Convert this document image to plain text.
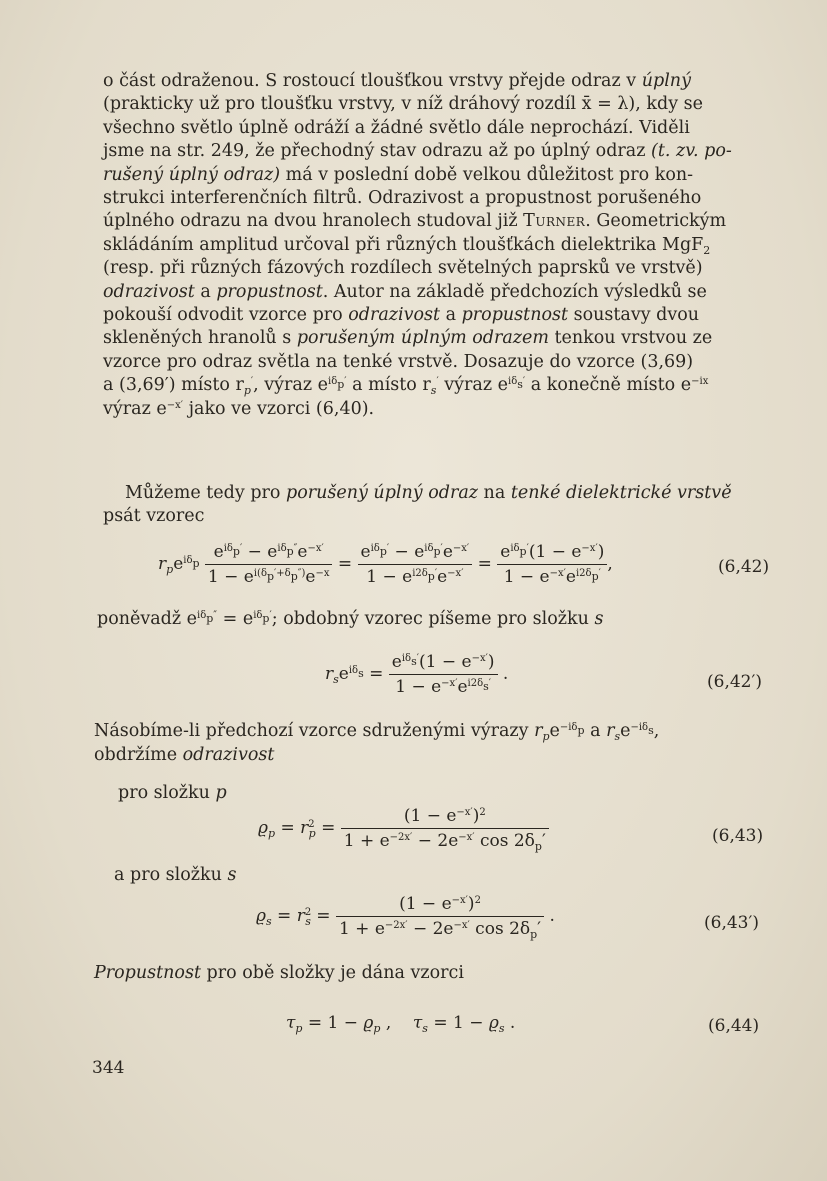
o část odraženou. S rostoucí tloušťkou vrstvy přejde odraz v úplný

(prakticky už pro tloušťku vrstvy, v níž dráhový rozdíl x̄ = λ), kdy se

všechno světlo úplně odráží a žádné světlo dále neprochází. Viděli

jsme na str. 249, že přechodný stav odrazu až po úplný odraz (t. zv. po-

rušený úplný odraz) má v poslední době velkou důležitost pro kon-

strukci interferenčních filtrů. Odrazivost a propustnost porušeného

úplného odrazu na dvou hranolech studoval již Turner. Geometrickým

skládáním amplitud určoval při různých tloušťkách dielektrika MgF$_2$

(resp. při různých fázových rozdílech světelných paprsků ve vrstvě)

odrazivost a propustnost. Autor na základě předchozích výsledků se

pokouší odvodit vzorce pro odrazivost a propustnost soustavy dvou

skleněných hranolů s porušeným úplným odrazem tenkou vrstvou ze

vzorce pro odraz světla na tenké vrstvě. Dosazuje do vzorce (3,69)

a (3,69′) místo $r_p'$, výraz $e^{i\delta_p'}$ a místo $r_s'$ výraz $e^{i\delta_s'}$ a konečně místo $e^{-ix}$

výraz $e^{-x'}$ jako ve vzorci (6,40).

Můžeme tedy pro porušený úplný odraz na tenké dielektrické vrstvě

psát vzorec

$r_pe^{i\delta_p} \frac{e^{i\delta_p'} - e^{i\delta_p''}e^{-x'}}{1 - e^{i(\delta_p'+\delta_p'')}e^{-x}} = \frac{e^{i\delta_p'} - e^{i\delta_p'}e^{-x'}}{1 - e^{i2\delta_p'}e^{-x'}} = \frac{e^{i\delta_p'}(1 - e^{-x'})}{1 - e^{-x'}e^{i2\delta_p'}}$ ,	(6,42)
poněvadž $e^{i\delta_p''} = e^{i\delta_p'}$; obdobný vzorec píšeme pro složku s
$r_se^{i\delta_s} = \frac{e^{i\delta_s'}(1 - e^{-x'})}{1 - e^{-x'}e^{i2\delta_s'}}$ .	(6,42′)
Násobíme-li předchozí vzorce sdruženými výrazy $r_pe^{-i\delta_p}$ a $r_se^{-i\delta_s}$,
obdržíme odrazivost
pro složku p
$ϱ_p = r^2_p = \frac{(1 - e^{-x'})^2}{1 + e^{-2x'} - 2e^{-x'} \cos 2\delta_p'}$	(6,43)
a pro složku s
$ϱ_s = r^2_s = \frac{(1 - e^{-x'})^2}{1 + e^{-2x'} - 2e^{-x'} \cos 2\delta_p'}$ .	(6,43′)
Propustnost pro obě složky je dána vzorci
$\tau_p = 1 - ϱ_p$ ,    $\tau_s = 1 - ϱ_s$ .	(6,44)
344
